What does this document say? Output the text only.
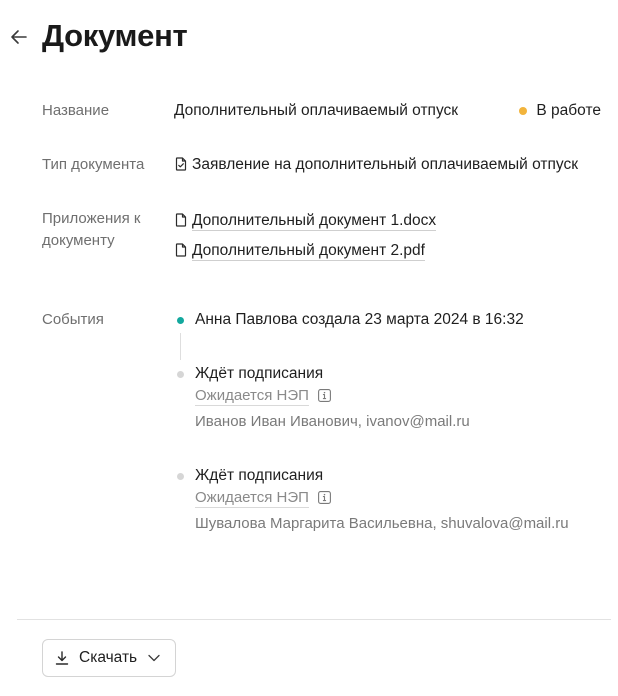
Документ
Название	Дополнительный оплачиваемый отпуск	В работе
Тип документа	Заявление на дополнительный оплачиваемый отпуск
Приложения к
документу
Дополнительный документ 1.docx
Дополнительный документ 2.pdf
События	Анна Павлова создала 23 марта 2024 в 16:32
Ждёт подписания
Ожидается НЭП
Иванов Иван Иванович, ivanov@mail.ru
Ждёт подписания
Ожидается НЭП
Шувалова Маргарита Васильевна, shuvalova@mail.ru
Скачать
